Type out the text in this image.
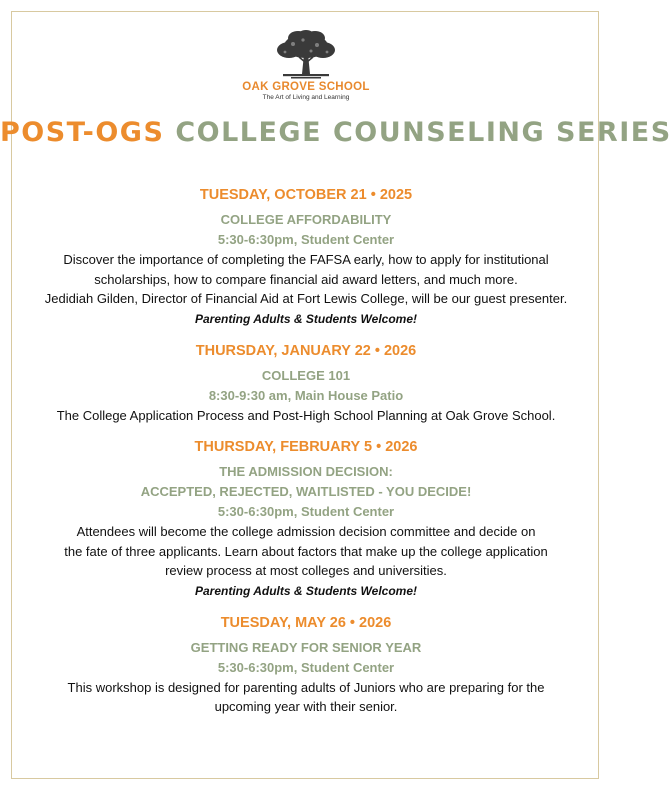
OAK GROVE SCHOOL
The Art of Living and Learning
POST-OGS COLLEGE COUNSELING SERIES
TUESDAY, OCTOBER 21 • 2025
COLLEGE AFFORDABILITY
5:30-6:30pm, Student Center
Discover the importance of completing the FAFSA early, how to apply for institutional
scholarships, how to compare financial aid award letters, and much more.
Jedidiah Gilden, Director of Financial Aid at Fort Lewis College, will be our guest presenter.
Parenting Adults & Students Welcome!
THURSDAY, JANUARY 22 • 2026
COLLEGE 101
8:30-9:30 am, Main House Patio
The College Application Process and Post-High School Planning at Oak Grove School.
THURSDAY, FEBRUARY 5 • 2026
THE ADMISSION DECISION:
ACCEPTED, REJECTED, WAITLISTED - YOU DECIDE!
5:30-6:30pm, Student Center
Attendees will become the college admission decision committee and decide on
the fate of three applicants. Learn about factors that make up the college application
review process at most colleges and universities.
Parenting Adults & Students Welcome!
TUESDAY, MAY 26 • 2026
GETTING READY FOR SENIOR YEAR
5:30-6:30pm, Student Center
This workshop is designed for parenting adults of Juniors who are preparing for the
upcoming year with their senior.
